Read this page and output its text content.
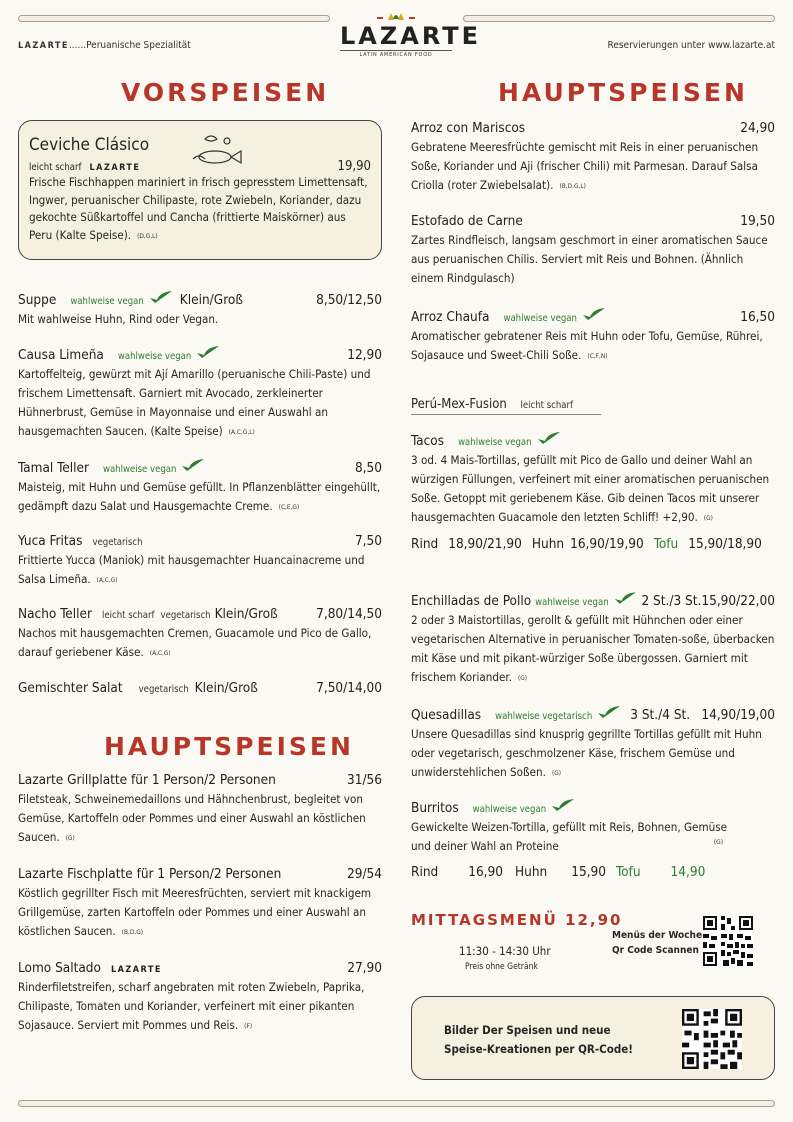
LAZARTE......Peruanische Spezialität	Reservierungen unter www.lazarte.at
LAZARTE
LATIN AMERICAN FOOD
VORSPEISEN
Ceviche Clásico
leicht scharf LAZARTE	19,90
Frische Fischhappen mariniert in frisch gepresstem Limettensaft, Ingwer, peruanischer Chilipaste, rote Zwiebeln, Koriander, dazu gekochte Süßkartoffel und Cancha (frittierte Maiskörner) aus Peru (Kalte Speise). (D,G,L)
Suppe wahlweise vegan	Klein/Groß	8,50/12,50
Mit wahlweise Huhn, Rind oder Vegan.
Causa Limeña wahlweise vegan	12,90
Kartoffelteig, gewürzt mit Ají Amarillo (peruanische Chili-Paste) und frischem Limettensaft. Garniert mit Avocado, zerkleinerter Hühnerbrust, Gemüse in Mayonnaise und einer Auswahl an hausgemachten Saucen. (Kalte Speise) (A,C,G,L)
Tamal Teller wahlweise vegan	8,50
Maisteig, mit Huhn und Gemüse gefüllt. In Pflanzenblätter eingehüllt, gedämpft dazu Salat und Hausgemachte Creme. (C,E,G)
Yuca Fritas vegetarisch	7,50
Frittierte Yucca (Maniok) mit hausgemachter Huancainacreme und Salsa Limeña. (A,C,G)
Nacho Teller leicht scharf vegetarisch Klein/Groß	7,80/14,50
Nachos mit hausgemachten Cremen, Guacamole und Pico de Gallo, darauf geriebener Käse. (A,C,G)
Gemischter Salat vegetarisch Klein/Groß	7,50/14,00
HAUPTSPEISEN
Lazarte Grillplatte für 1 Person/2 Personen	31/56
Filetsteak, Schweinemedaillons und Hähnchenbrust, begleitet von Gemüse, Kartoffeln oder Pommes und einer Auswahl an köstlichen Saucen. (G)
Lazarte Fischplatte für 1 Person/2 Personen	29/54
Köstlich gegrillter Fisch mit Meeresfrüchten, serviert mit knackigem Grillgemüse, zarten Kartoffeln oder Pommes und einer Auswahl an köstlichen Saucen. (B,D,G)
Lomo Saltado LAZARTE	27,90
Rinderfiletstreifen, scharf angebraten mit roten Zwiebeln, Paprika, Chilipaste, Tomaten und Koriander, verfeinert mit einer pikanten Sojasauce. Serviert mit Pommes und Reis. (F)
HAUPTSPEISEN
Arroz con Mariscos	24,90
Gebratene Meeresfrüchte gemischt mit Reis in einer peruanischen Soße, Koriander und Aji (frischer Chili) mit Parmesan. Darauf Salsa Criolla (roter Zwiebelsalat). (B,D,G,L)
Estofado de Carne	19,50
Zartes Rindfleisch, langsam geschmort in einer aromatischen Sauce aus peruanischen Chilis. Serviert mit Reis und Bohnen. (Ähnlich einem Rindgulasch)
Arroz Chaufa wahlweise vegan	16,50
Aromatischer gebratener Reis mit Huhn oder Tofu, Gemüse, Rührei, Sojasauce und Sweet-Chili Soße. (C,F,N)
Perú-Mex-Fusion leicht scharf
Tacos wahlweise vegan
3 od. 4 Mais-Tortillas, gefüllt mit Pico de Gallo und deiner Wahl an würzigen Füllungen, verfeinert mit einer aromatischen peruanischen Soße. Getoppt mit geriebenem Käse. Gib deinen Tacos mit unserer hausgemachten Guacamole den letzten Schliff! +2,90. (G)
Rind 18,90/21,90 Huhn 16,90/19,90 Tofu 15,90/18,90
Enchilladas de Pollo wahlweise vegan 2 St./3 St. 15,90/22,00
2 oder 3 Maistortillas, gerollt & gefüllt mit Hühnchen oder einer vegetarischen Alternative in peruanischer Tomaten-soße, überbacken mit Käse und mit pikant-würziger Soße übergossen. Garniert mit frischem Koriander. (G)
Quesadillas wahlweise vegetarisch	3 St./4 St. 14,90/19,00
Unsere Quesadillas sind knusprig gegrillte Tortillas gefüllt mit Huhn oder vegetarisch, geschmolzener Käse, frischem Gemüse und unwiderstehlichen Soßen. (G)
Burritos wahlweise vegan
Gewickelte Weizen-Tortilla, gefüllt mit Reis, Bohnen, Gemüse und deiner Wahl an Proteine	(G)
Rind 16,90 Huhn 15,90 Tofu 14,90
MITTAGSMENÜ 12,90
11:30 - 14:30 Uhr
Preis ohne Getränk
Menüs der Woche
Qr Code Scannen
Bilder Der Speisen und neue
Speise-Kreationen per QR-Code!
